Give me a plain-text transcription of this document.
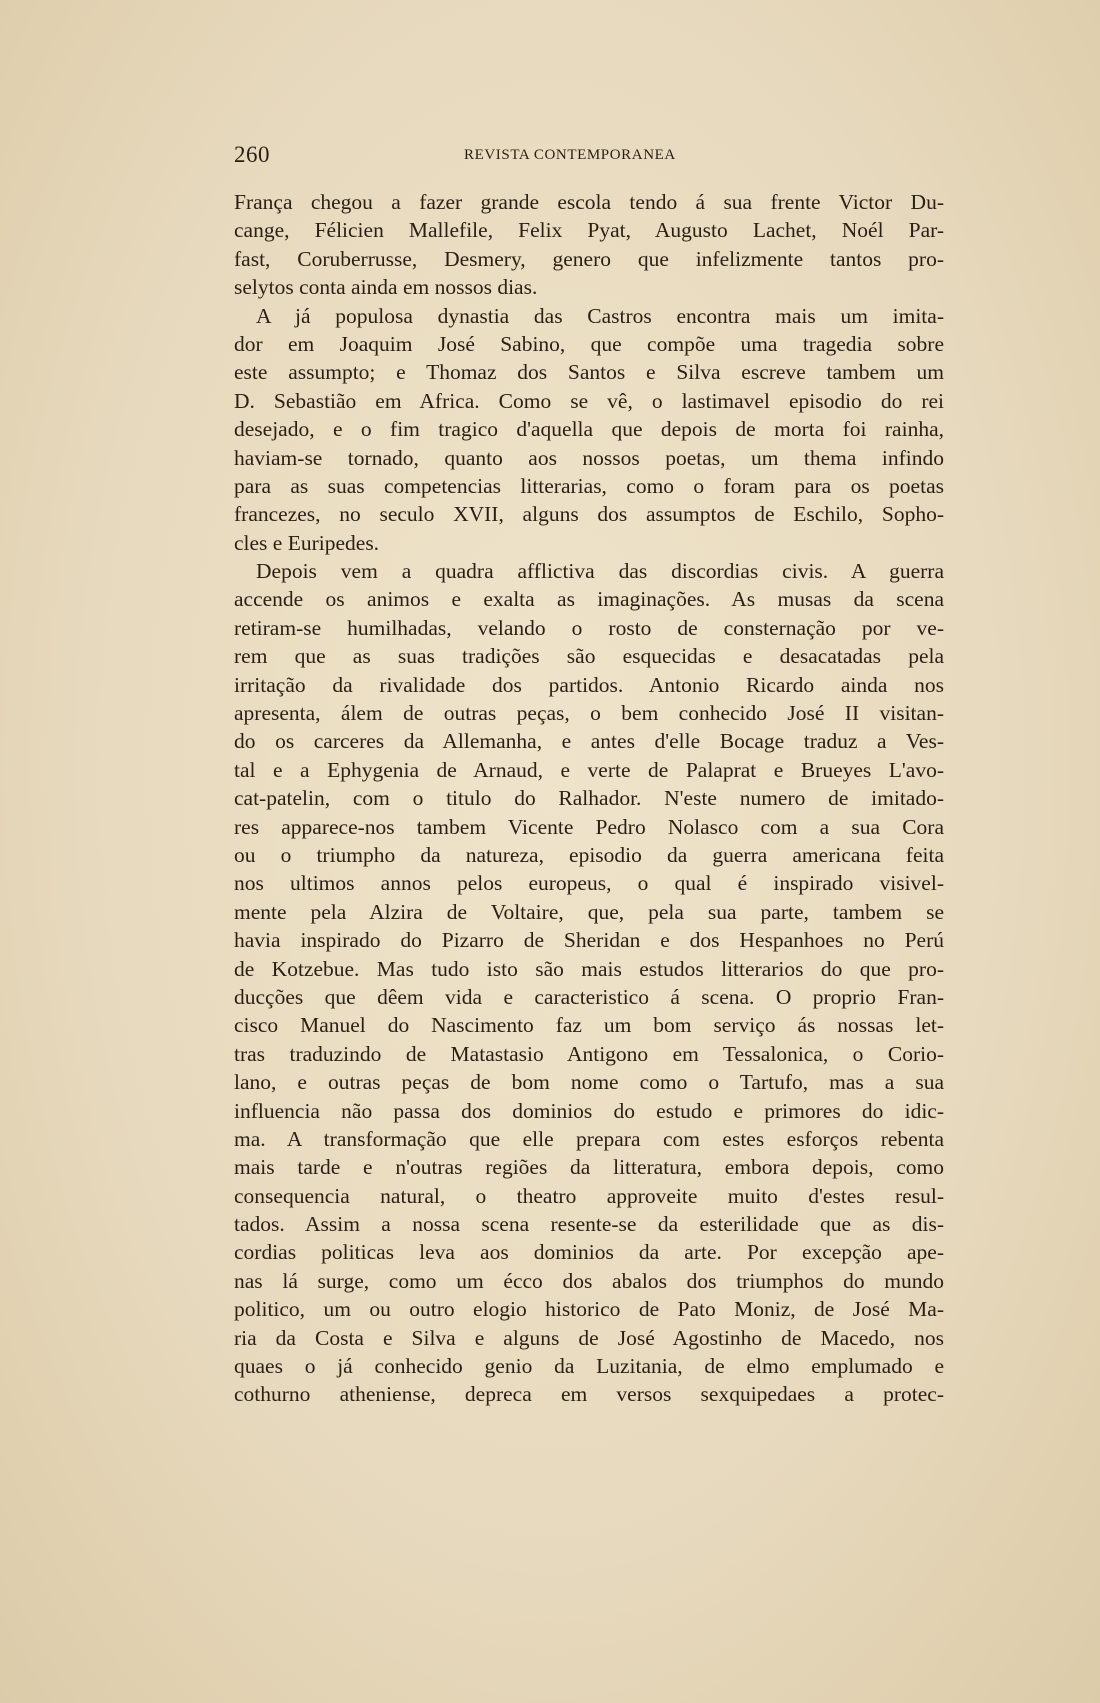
260	REVISTA CONTEMPORANEA
França chegou a fazer grande escola tendo á sua frente Victor Du-
cange, Félicien Mallefile, Felix Pyat, Augusto Lachet, Noél Par-
fast, Coruberrusse, Desmery, genero que infelizmente tantos pro-
selytos conta ainda em nossos dias.
A já populosa dynastia das Castros encontra mais um imita-
dor em Joaquim José Sabino, que compõe uma tragedia sobre
este assumpto; e Thomaz dos Santos e Silva escreve tambem um
D. Sebastião em Africa. Como se vê, o lastimavel episodio do rei
desejado, e o fim tragico d'aquella que depois de morta foi rainha,
haviam-se tornado, quanto aos nossos poetas, um thema infindo
para as suas competencias litterarias, como o foram para os poetas
francezes, no seculo XVII, alguns dos assumptos de Eschilo, Sopho-
cles e Euripedes.
Depois vem a quadra afflictiva das discordias civis. A guerra
accende os animos e exalta as imaginações. As musas da scena
retiram-se humilhadas, velando o rosto de consternação por ve-
rem que as suas tradições são esquecidas e desacatadas pela
irritação da rivalidade dos partidos. Antonio Ricardo ainda nos
apresenta, álem de outras peças, o bem conhecido José II visitan-
do os carceres da Allemanha, e antes d'elle Bocage traduz a Ves-
tal e a Ephygenia de Arnaud, e verte de Palaprat e Brueyes L'avo-
cat-patelin, com o titulo do Ralhador. N'este numero de imitado-
res apparece-nos tambem Vicente Pedro Nolasco com a sua Cora
ou o triumpho da natureza, episodio da guerra americana feita
nos ultimos annos pelos europeus, o qual é inspirado visivel-
mente pela Alzira de Voltaire, que, pela sua parte, tambem se
havia inspirado do Pizarro de Sheridan e dos Hespanhoes no Perú
de Kotzebue. Mas tudo isto são mais estudos litterarios do que pro-
ducções que dêem vida e caracteristico á scena. O proprio Fran-
cisco Manuel do Nascimento faz um bom serviço ás nossas let-
tras traduzindo de Matastasio Antigono em Tessalonica, o Corio-
lano, e outras peças de bom nome como o Tartufo, mas a sua
influencia não passa dos dominios do estudo e primores do idic-
ma. A transformação que elle prepara com estes esforços rebenta
mais tarde e n'outras regiões da litteratura, embora depois, como
consequencia natural, o theatro approveite muito d'estes resul-
tados. Assim a nossa scena resente-se da esterilidade que as dis-
cordias politicas leva aos dominios da arte. Por excepção ape-
nas lá surge, como um écco dos abalos dos triumphos do mundo
politico, um ou outro elogio historico de Pato Moniz, de José Ma-
ria da Costa e Silva e alguns de José Agostinho de Macedo, nos
quaes o já conhecido genio da Luzitania, de elmo emplumado e
cothurno atheniense, depreca em versos sexquipedaes a protec-
